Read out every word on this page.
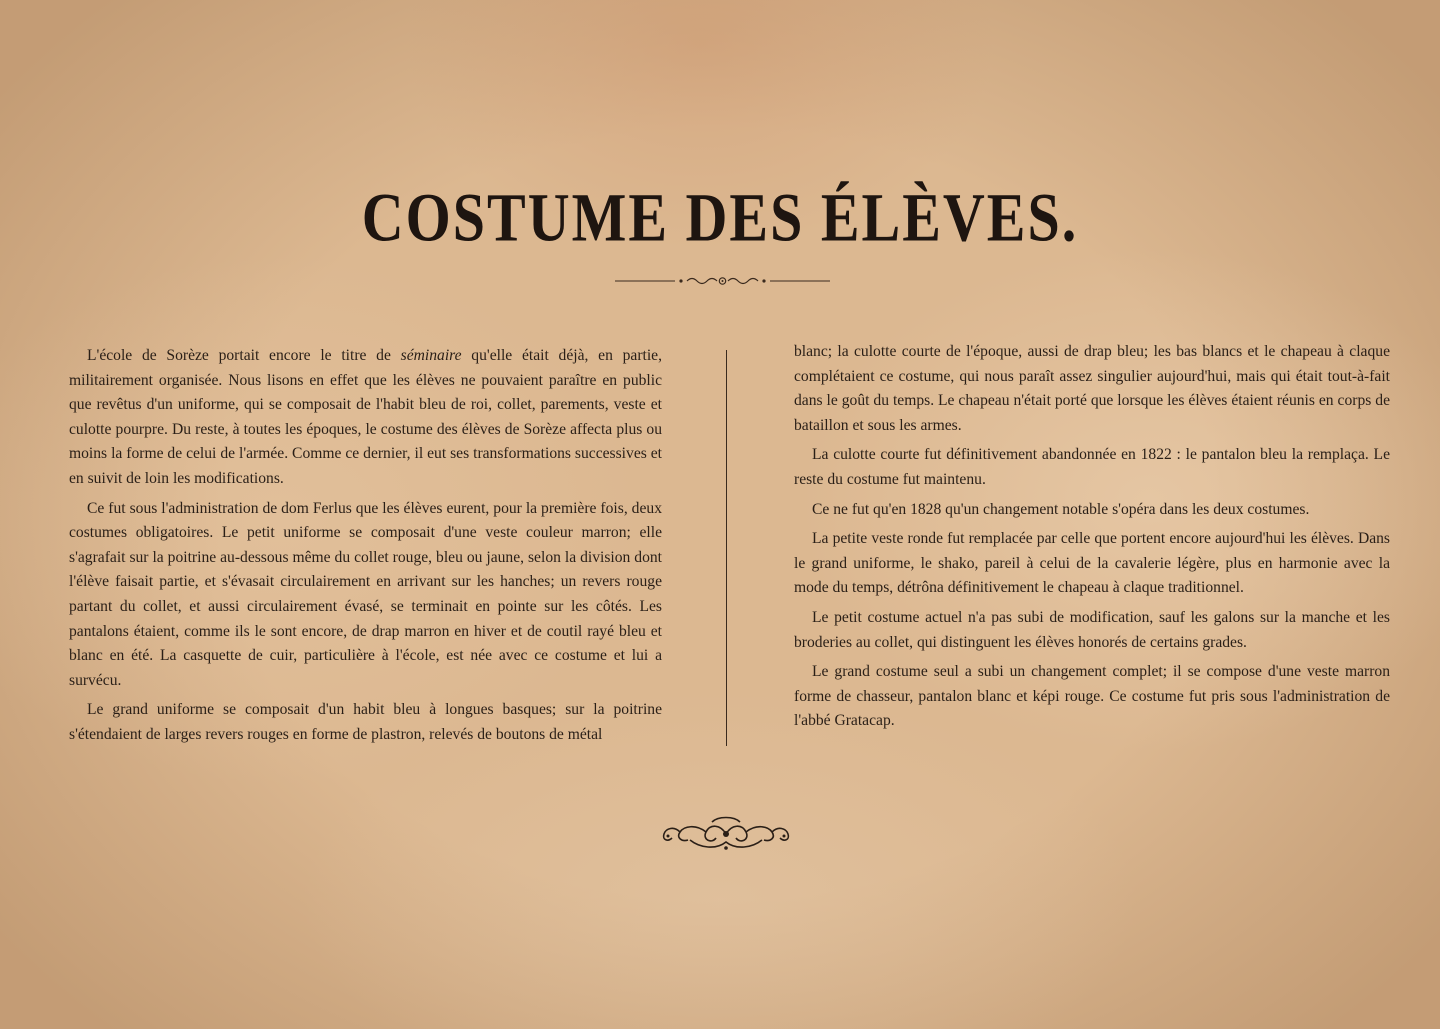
COSTUME DES ÉLÈVES.

L'école de Sorèze portait encore le titre de séminaire qu'elle était déjà, en partie, militairement organisée. Nous lisons en effet que les élèves ne pouvaient paraître en public que revêtus d'un uniforme, qui se composait de l'habit bleu de roi, collet, parements, veste et culotte pourpre. Du reste, à toutes les époques, le costume des élèves de Sorèze affecta plus ou moins la forme de celui de l'armée. Comme ce dernier, il eut ses transformations successives et en suivit de loin les modifications.

Ce fut sous l'administration de dom Ferlus que les élèves eurent, pour la première fois, deux costumes obligatoires. Le petit uniforme se composait d'une veste couleur marron; elle s'agrafait sur la poitrine au-dessous même du collet rouge, bleu ou jaune, selon la division dont l'élève faisait partie, et s'évasait circulairement en arrivant sur les hanches; un revers rouge partant du collet, et aussi circulairement évasé, se terminait en pointe sur les côtés. Les pantalons étaient, comme ils le sont encore, de drap marron en hiver et de coutil rayé bleu et blanc en été. La casquette de cuir, particulière à l'école, est née avec ce costume et lui a survécu.

Le grand uniforme se composait d'un habit bleu à longues basques; sur la poitrine s'étendaient de larges revers rouges en forme de plastron, relevés de boutons de métal

blanc; la culotte courte de l'époque, aussi de drap bleu; les bas blancs et le chapeau à claque complétaient ce costume, qui nous paraît assez singulier aujourd'hui, mais qui était tout-à-fait dans le goût du temps. Le chapeau n'était porté que lorsque les élèves étaient réunis en corps de bataillon et sous les armes.

La culotte courte fut définitivement abandonnée en 1822 : le pantalon bleu la remplaça. Le reste du costume fut maintenu.

Ce ne fut qu'en 1828 qu'un changement notable s'opéra dans les deux costumes.

La petite veste ronde fut remplacée par celle que portent encore aujourd'hui les élèves. Dans le grand uniforme, le shako, pareil à celui de la cavalerie légère, plus en harmonie avec la mode du temps, détrôna définitivement le chapeau à claque traditionnel.

Le petit costume actuel n'a pas subi de modification, sauf les galons sur la manche et les broderies au collet, qui distinguent les élèves honorés de certains grades.

Le grand costume seul a subi un changement complet; il se compose d'une veste marron forme de chasseur, pantalon blanc et képi rouge. Ce costume fut pris sous l'administration de l'abbé Gratacap.
